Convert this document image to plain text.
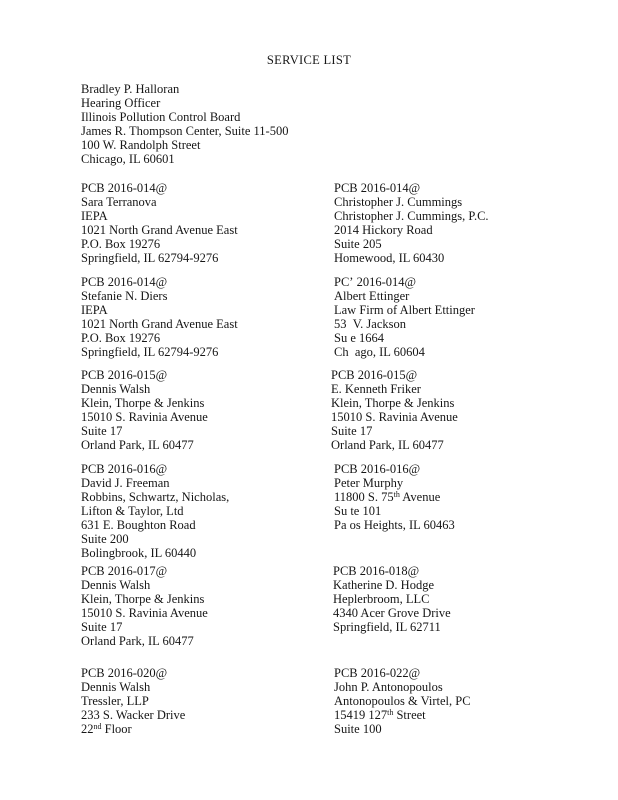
SERVICE LIST
Bradley P. Halloran
Hearing Officer
Illinois Pollution Control Board
James R. Thompson Center, Suite 11-500
100 W. Randolph Street
Chicago, IL 60601
PCB 2016-014@
Sara Terranova
IEPA
1021 North Grand Avenue East
P.O. Box 19276
Springfield, IL 62794-9276
PCB 2016-014@
Christopher J. Cummings
Christopher J. Cummings, P.C.
2014 Hickory Road
Suite 205
Homewood, IL 60430
PCB 2016-014@
Stefanie N. Diers
IEPA
1021 North Grand Avenue East
P.O. Box 19276
Springfield, IL 62794-9276
PCʼ 2016-014@
Albert Ettinger
Law Firm of Albert Ettinger
53  V. Jackson
Su e 1664
Ch  ago, IL 60604
PCB 2016-015@
Dennis Walsh
Klein, Thorpe & Jenkins
15010 S. Ravinia Avenue
Suite 17
Orland Park, IL 60477
PCB 2016-015@
E. Kenneth Friker
Klein, Thorpe & Jenkins
15010 S. Ravinia Avenue
Suite 17
Orland Park, IL 60477
PCB 2016-016@
David J. Freeman
Robbins, Schwartz, Nicholas,
Lifton & Taylor, Ltd
631 E. Boughton Road
Suite 200
Bolingbrook, IL 60440
PCB 2016-016@
Peter Murphy
11800 S. 75th Avenue
Su te 101
Pa os Heights, IL 60463
PCB 2016-017@
Dennis Walsh
Klein, Thorpe & Jenkins
15010 S. Ravinia Avenue
Suite 17
Orland Park, IL 60477
PCB 2016-018@
Katherine D. Hodge
Heplerbroom, LLC
4340 Acer Grove Drive
Springfield, IL 62711
PCB 2016-020@
Dennis Walsh
Tressler, LLP
233 S. Wacker Drive
22nd Floor
PCB 2016-022@
John P. Antonopoulos
Antonopoulos & Virtel, PC
15419 127th Street
Suite 100
